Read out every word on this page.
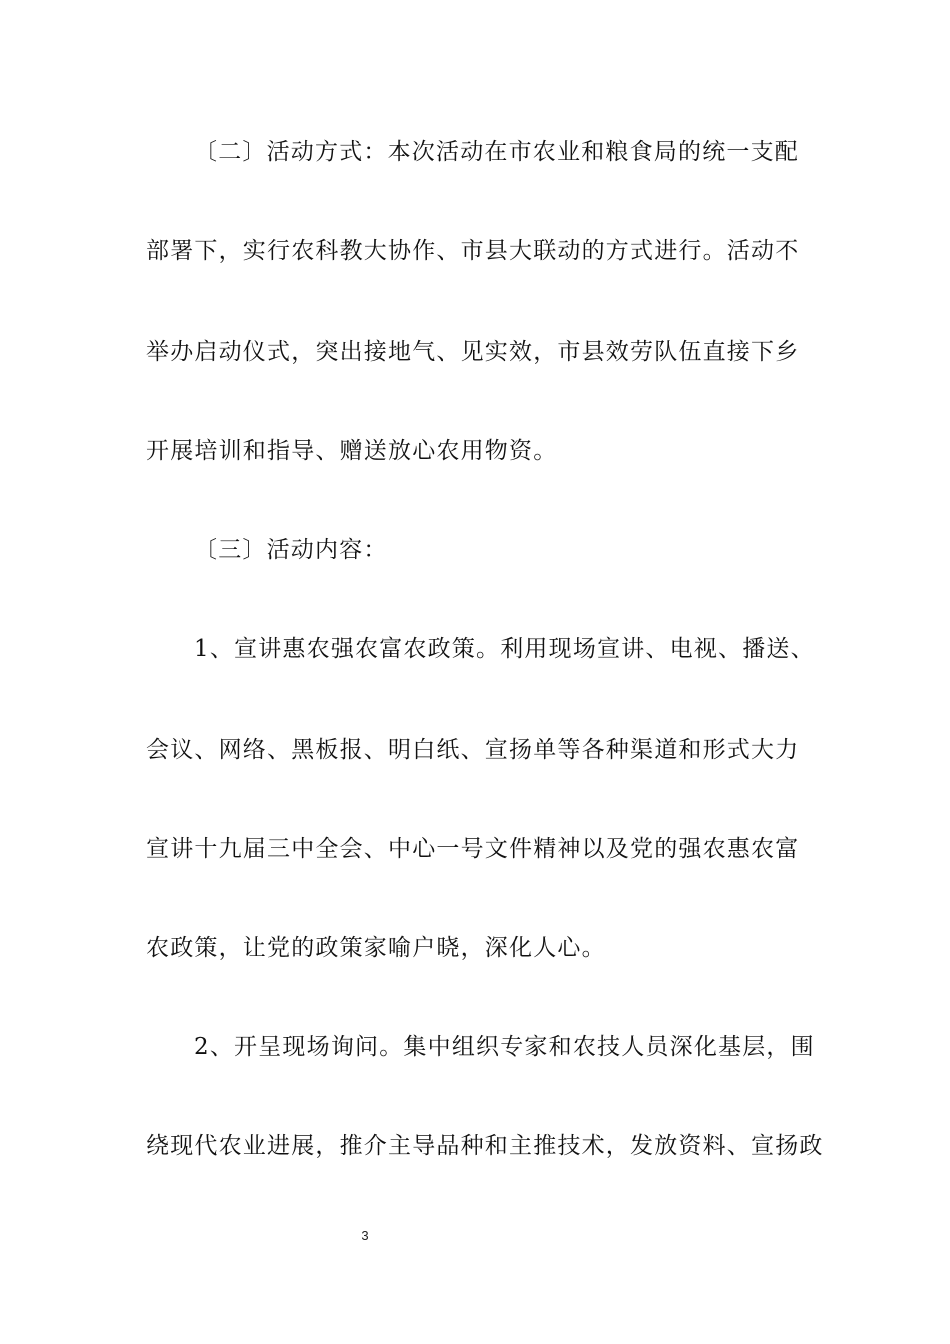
〔二〕活动方式：本次活动在市农业和粮食局的统一支配
部署下，实行农科教大协作、市县大联动的方式进行。活动不
举办启动仪式，突出接地气、见实效，市县效劳队伍直接下乡
开展培训和指导、赠送放心农用物资。
〔三〕活动内容：
1、宣讲惠农强农富农政策。利用现场宣讲、电视、播送、
会议、网络、黑板报、明白纸、宣扬单等各种渠道和形式大力
宣讲十九届三中全会、中心一号文件精神以及党的强农惠农富
农政策，让党的政策家喻户晓，深化人心。
2、开呈现场询问。集中组织专家和农技人员深化基层，围
绕现代农业进展，推介主导品种和主推技术，发放资料、宣扬政
3
